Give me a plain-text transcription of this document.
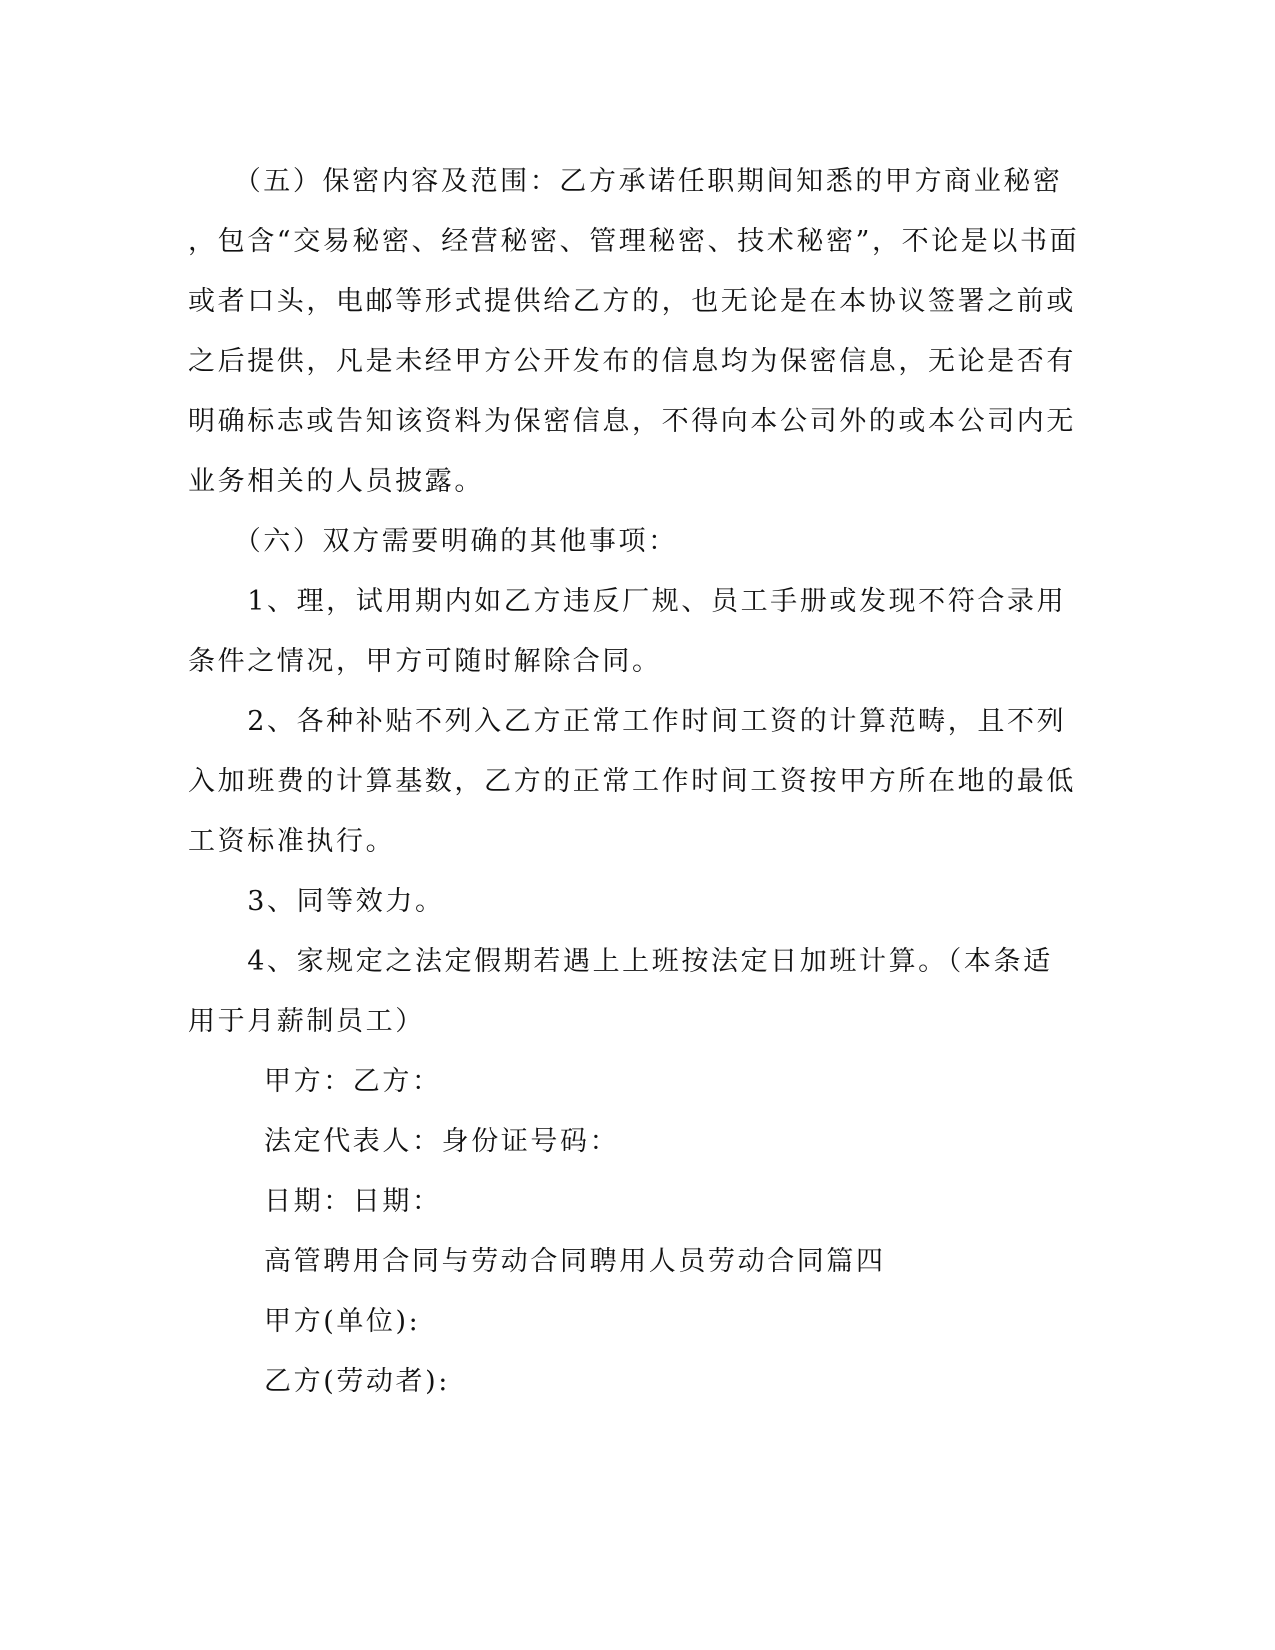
　　（五）保密内容及范围：乙方承诺任职期间知悉的甲方商业秘密
，包含“交易秘密、经营秘密、管理秘密、技术秘密”，不论是以书面
或者口头，电邮等形式提供给乙方的，也无论是在本协议签署之前或
之后提供，凡是未经甲方公开发布的信息均为保密信息，无论是否有
明确标志或告知该资料为保密信息，不得向本公司外的或本公司内无
业务相关的人员披露。
　　（六）双方需要明确的其他事项：
　　1、理，试用期内如乙方违反厂规、员工手册或发现不符合录用
条件之情况，甲方可随时解除合同。
　　2、各种补贴不列入乙方正常工作时间工资的计算范畴，且不列
入加班费的计算基数，乙方的正常工作时间工资按甲方所在地的最低
工资标准执行。
　　3、同等效力。
　　4、家规定之法定假期若遇上上班按法定日加班计算。（本条适
用于月薪制员工）

甲方：乙方：

法定代表人：身份证号码：

日期：日期：

高管聘用合同与劳动合同聘用人员劳动合同篇四

甲方(单位):

乙方(劳动者):
